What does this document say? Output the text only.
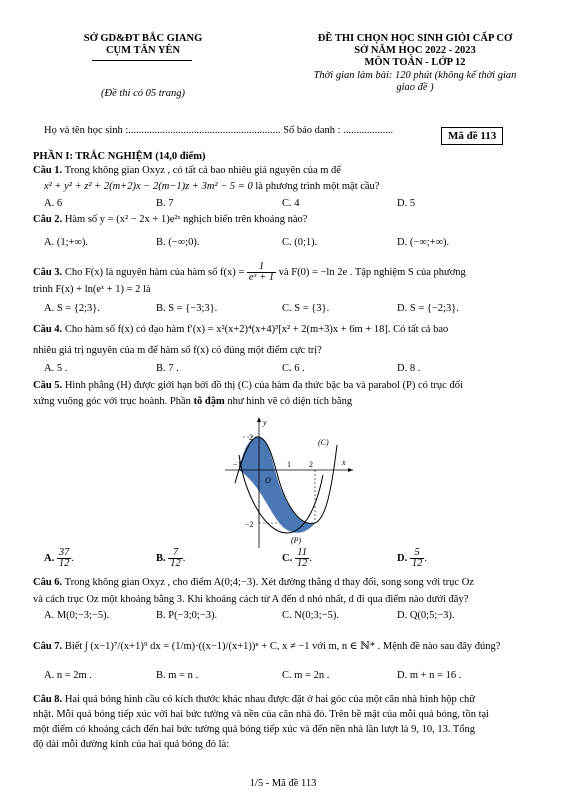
SỞ GD&ĐT BẮC GIANG
CỤM TÂN YÊN
(Đề thi có 05 trang)
ĐỀ THI CHỌN HỌC SINH GIỎI CẤP CƠ
SỞ NĂM HỌC 2022 - 2023
MÔN TOÁN - LỚP 12
Thời gian làm bài: 120 phút (không kể thời gian
giao đề )
Họ và tên học sinh :.......................................................... Số báo danh : ...................	Mã đề 113
PHẦN I: TRẮC NGHIỆM (14,0 điểm)
Câu 1. Trong không gian Oxyz , có tất cả bao nhiêu giá nguyên của m để
x² + y² + z² + 2(m+2)x − 2(m−1)z + 3m² − 5 = 0 là phương trình một mặt cầu?
A. 6	B. 7	C. 4	D. 5
Câu 2. Hàm số y = (x² − 2x + 1)e²ˣ nghịch biến trên khoảng nào?
A. (1;+∞).	B. (−∞;0).	C. (0;1).	D. (−∞;+∞).
Câu 3. Cho F(x) là nguyên hàm của hàm số $f(x) = \frac{1}{\text{eˣ + 1}}$ và F(0) = −ln 2e . Tập nghiệm S của phương
trình F(x) + ln(eˣ + 1) = 2 là
A. S = {2;3}.	B. S = {−3;3}.	C. S = {3}.	D. S = {−2;3}.
Câu 4. Cho hàm số f(x) có đạo hàm f′(x) = x²(x+2)⁴(x+4)³[x² + 2(m+3)x + 6m + 18]. Có tất cả bao
nhiêu giá trị nguyên của m để hàm số f(x) có đúng một điểm cực trị?
A. 5 .	B. 7 .	C. 6 .	D. 8 .
Câu 5. Hình phẳng (H) được giới hạn bởi đồ thị (C) của hàm đa thức bậc ba và parabol (P) có trục đối
xứng vuông góc với trục hoành. Phần tô đậm như hình vẽ có diện tích bằng
y
x
(C)
(P)
O
2
−1	1 2
−2
A. $\frac{37}{12}$ .	B. $\frac{7}{12}$ .	C. $\frac{11}{12}$ .	D. $\frac{5}{12}$ .
Câu 6. Trong không gian Oxyz , cho điểm A(0;4;−3). Xét đường thẳng d thay đổi, song song với trục Oz
và cách trục Oz một khoảng bằng 3. Khi khoảng cách từ A đến d nhỏ nhất, d đi qua điểm nào dưới đây?
A. M(0;−3;−5).	B. P(−3;0;−3).	C. N(0;3;−5).	D. Q(0;5;−3).
Câu 7. Biết ∫ (x−1)⁷/(x+1)⁹ dx = (1/m)·((x−1)/(x+1))ⁿ + C, x ≠ −1 với m, n ∈ ℕ* . Mệnh đề nào sau đây đúng?
A. n = 2m .	B. m = n .	C. m = 2n .	D. m + n = 16 .
Câu 8. Hai quả bóng hình cầu có kích thước khác nhau được đặt ở hai góc của một căn nhà hình hộp chữ
nhật. Mỗi quả bóng tiếp xúc với hai bức tường và nền của căn nhà đó. Trên bề mặt của mỗi quả bóng, tồn tại
một điểm có khoảng cách đến hai bức tường quả bóng tiếp xúc và đến nền nhà lần lượt là 9, 10, 13. Tổng
độ dài mỗi đường kính của hai quả bóng đó là:
1/5 - Mã đề 113
